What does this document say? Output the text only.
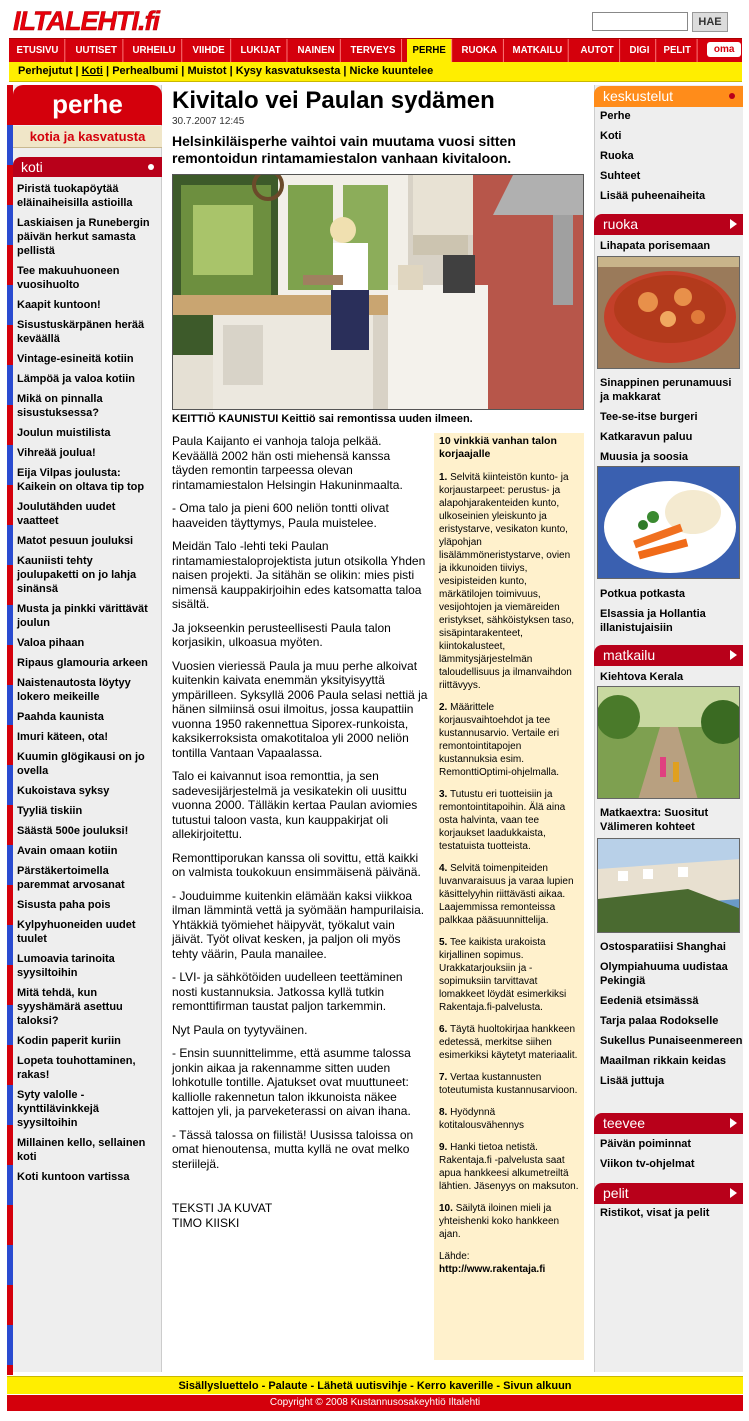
ILTALEHTI.fi	HAE
ETUSIVU	UUTISET	URHEILU	VIIHDE	LUKIJAT	NAINEN	TERVEYS	PERHE	RUOKA	MATKAILU	AUTOT	DIGI	PELIT	oma
Perhejutut | Koti | Perhealbumi | Muistot | Kysy kasvatuksesta | Nicke kuuntelee
perhe
kotia ja kasvatusta
koti
Piristä tuokapöytää eläinaiheisilla astioilla
Laskiaisen ja Runebergin päivän herkut samasta pellistä
Tee makuuhuoneen vuosihuolto
Kaapit kuntoon!
Sisustuskärpänen herää keväällä
Vintage-esineitä kotiin
Lämpöä ja valoa kotiin
Mikä on pinnalla sisustuksessa?
Joulun muistilista
Vihreää joulua!
Eija Vilpas joulusta: Kaikein on oltava tip top
Joulutähden uudet vaatteet
Matot pesuun jouluksi
Kauniisti tehty joulupaketti on jo lahja sinänsä
Musta ja pinkki värittävät joulun
Valoa pihaan
Ripaus glamouria arkeen
Naistenautosta löytyy lokero meikeille
Paahda kaunista
Imuri käteen, ota!
Kuumin glögikausi on jo ovella
Kukoistava syksy
Tyyliä tiskiin
Säästä 500e jouluksi!
Avain omaan kotiin
Pärstäkertoimella paremmat arvosanat
Sisusta paha pois
Kylpyhuoneiden uudet tuulet
Lumoavia tarinoita syysiltoihin
Mitä tehdä, kun syyshämärä asettuu taloksi?
Kodin paperit kuriin
Lopeta touhottaminen, rakas!
Syty valolle - kynttilävinkkejä syysiltoihin
Millainen kello, sellainen koti
Koti kuntoon vartissa
Kivitalo vei Paulan sydämen
30.7.2007 12:45
Helsinkiläisperhe vaihtoi vain muutama vuosi sitten remontoidun rintamamiestalon vanhaan kivitaloon.
KEITTIÖ KAUNISTUI Keittiö sai remontissa uuden ilmeen.

Paula Kaijanto ei vanhoja taloja pelkää. Keväällä 2002 hän osti miehensä kanssa täyden remontin tarpeessa olevan rintamamiestalon Helsingin Hakuninmaalta.

- Oma talo ja pieni 600 neliön tontti olivat haaveiden täyttymys, Paula muistelee.

Meidän Talo -lehti teki Paulan rintamamiestaloprojektista jutun otsikolla Yhden naisen projekti. Ja sitähän se olikin: mies pisti nimensä kauppakirjoihin edes katsomatta taloa sisältä.

Ja jokseenkin perusteellisesti Paula talon korjasikin, ulkoasua myöten.

Vuosien vieriessä Paula ja muu perhe alkoivat kuitenkin kaivata enemmän yksityisyyttä ympärilleen. Syksyllä 2006 Paula selasi nettiä ja hänen silmiinsä osui ilmoitus, jossa kaupattiin vuonna 1950 rakennettua Siporex-runkoista, kaksikerroksista omakotitaloa yli 2000 neliön tontilla Vantaan Vapaalassa.

Talo ei kaivannut isoa remonttia, ja sen sadevesijärjestelmä ja vesikatekin oli uusittu vuonna 2000. Tälläkin kertaa Paulan aviomies tutustui taloon vasta, kun kauppakirjat oli allekirjoitettu.

Remonttiporukan kanssa oli sovittu, että kaikki on valmista toukokuun ensimmäisenä päivänä.

- Jouduimme kuitenkin elämään kaksi viikkoa ilman lämmintä vettä ja syömään hampurilaisia. Yhtäkkiä työmiehet häipyvät, työkalut vain jäivät. Työt olivat kesken, ja paljon oli myös tehty väärin, Paula manailee.

- LVI- ja sähkötöiden uudelleen teettäminen nosti kustannuksia. Jatkossa kyllä tutkin remonttifirman taustat paljon tarkemmin.

Nyt Paula on tyytyväinen.

- Ensin suunnittelimme, että asumme talossa jonkin aikaa ja rakennamme sitten uuden lohkotulle tontille. Ajatukset ovat muuttuneet: kalliolle rakennetun talon ikkunoista näkee kattojen yli, ja parveketerassi on aivan ihana.

- Tässä talossa on fiilistä! Uusissa taloissa on omat hienoutensa, mutta kyllä ne ovat melko steriilejä.

TEKSTI JA KUVAT
TIMO KIISKI
10 vinkkiä vanhan talon korjaajalle

1. Selvitä kiinteistön kunto- ja korjaustarpeet: perustus- ja alapohjarakenteiden kunto, ulkoseinien yleiskunto ja eristystarve, vesikaton kunto, yläpohjan lisälämmöneristystarve, ovien ja ikkunoiden tiiviys, vesipisteiden kunto, märkätilojen toimivuus, vesijohtojen ja viemäreiden eristykset, sähköistyksen taso, sisäpintarakenteet, kiintokalusteet, lämmitysjärjestelmän taloudellisuus ja ilmanvaihdon riittävyys.

2. Määrittele korjausvaihtoehdot ja tee kustannusarvio. Vertaile eri remontointitapojen kustannuksia esim. RemonttiOptimi-ohjelmalla.

3. Tutustu eri tuotteisiin ja remontointitapoihin. Älä aina osta halvinta, vaan tee korjaukset laadukkaista, testatuista tuotteista.

4. Selvitä toimenpiteiden luvanvaraisuus ja varaa lupien käsittelyyhin riittävästi aikaa. Laajemmissa remonteissa palkkaa pääsuunnittelija.

5. Tee kaikista urakoista kirjallinen sopimus. Urakkatarjouksiin ja -sopimuksiin tarvittavat lomakkeet löydät esimerkiksi Rakentaja.fi-palvelusta.

6. Täytä huoltokirjaa hankkeen edetessä, merkitse siihen esimerkiksi käytetyt materiaalit.

7. Vertaa kustannusten toteutumista kustannusarvioon.

8. Hyödynnä kotitalousvähennys

9. Hanki tietoa netistä. Rakentaja.fi -palvelusta saat apua hankkeesi alkumetreiltä lähtien. Jäsenyys on maksuton.

10. Säilytä iloinen mieli ja yhteishenki koko hankkeen ajan.

Lähde:
http://www.rakentaja.fi
keskustelut
Perhe
Koti
Ruoka
Suhteet
Lisää puheenaiheita
ruoka
Lihapata porisemaan
Sinappinen perunamuusi ja makkarat
Tee-se-itse burgeri
Katkaravun paluu
Muusia ja soosia
Potkua potkasta
Elsassia ja Hollantia illanistujaisiin
matkailu
Kiehtova Kerala
Matkaextra: Suositut Välimeren kohteet
Ostosparatiisi Shanghai
Olympiahuuma uudistaa Pekingiä
Eedeniä etsimässä
Tarja palaa Rodokselle
Sukellus Punaiseenmereen
Maailman rikkain keidas
Lisää juttuja
teevee
Päivän poiminnat
Viikon tv-ohjelmat
pelit
Ristikot, visat ja pelit
Sisällysluettelo - Palaute - Lähetä uutisvihje - Kerro kaverille - Sivun alkuun
Copyright © 2008 Kustannusosakeyhtiö Iltalehti
